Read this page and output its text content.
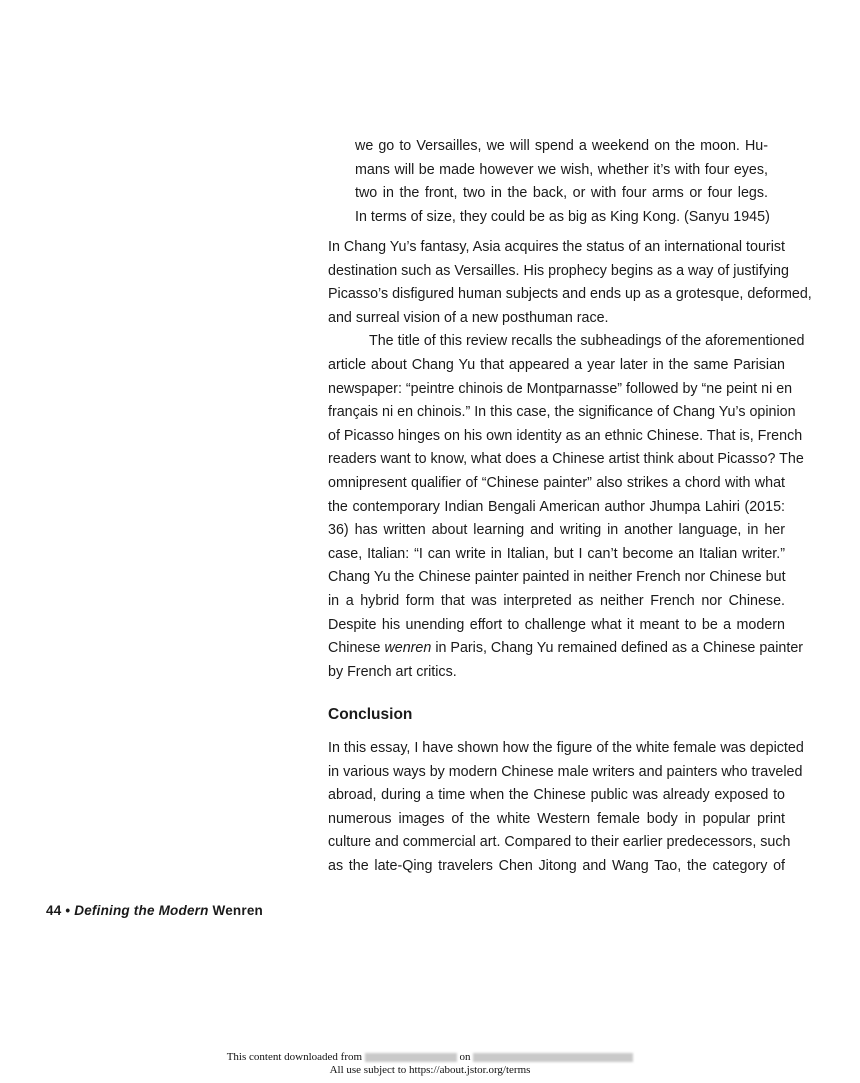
we go to Versailles, we will spend a weekend on the moon. Hu-
mans will be made however we wish, whether it’s with four eyes,
two in the front, two in the back, or with four arms or four legs.
In terms of size, they could be as big as King Kong. (Sanyu 1945)
In Chang Yu’s fantasy, Asia acquires the status of an international tourist
destination such as Versailles. His prophecy begins as a way of justifying
Picasso’s disfigured human subjects and ends up as a grotesque, deformed,
and surreal vision of a new posthuman race.
The title of this review recalls the subheadings of the aforementioned
article about Chang Yu that appeared a year later in the same Parisian
newspaper: “peintre chinois de Montparnasse” followed by “ne peint ni en
français ni en chinois.” In this case, the significance of Chang Yu’s opinion
of Picasso hinges on his own identity as an ethnic Chinese. That is, French
readers want to know, what does a Chinese artist think about Picasso? The
omnipresent qualifier of “Chinese painter” also strikes a chord with what
the contemporary Indian Bengali American author Jhumpa Lahiri (2015:
36) has written about learning and writing in another language, in her
case, Italian: “I can write in Italian, but I can’t become an Italian writer.”
Chang Yu the Chinese painter painted in neither French nor Chinese but
in a hybrid form that was interpreted as neither French nor Chinese.
Despite his unending effort to challenge what it meant to be a modern
Chinese wenren in Paris, Chang Yu remained defined as a Chinese painter
by French art critics.
Conclusion
In this essay, I have shown how the figure of the white female was depicted
in various ways by modern Chinese male writers and painters who traveled
abroad, during a time when the Chinese public was already exposed to
numerous images of the white Western female body in popular print
culture and commercial art. Compared to their earlier predecessors, such
as the late-Qing travelers Chen Jitong and Wang Tao, the category of
44 • Defining the Modern Wenren
This content downloaded from	on
All use subject to https://about.jstor.org/terms
